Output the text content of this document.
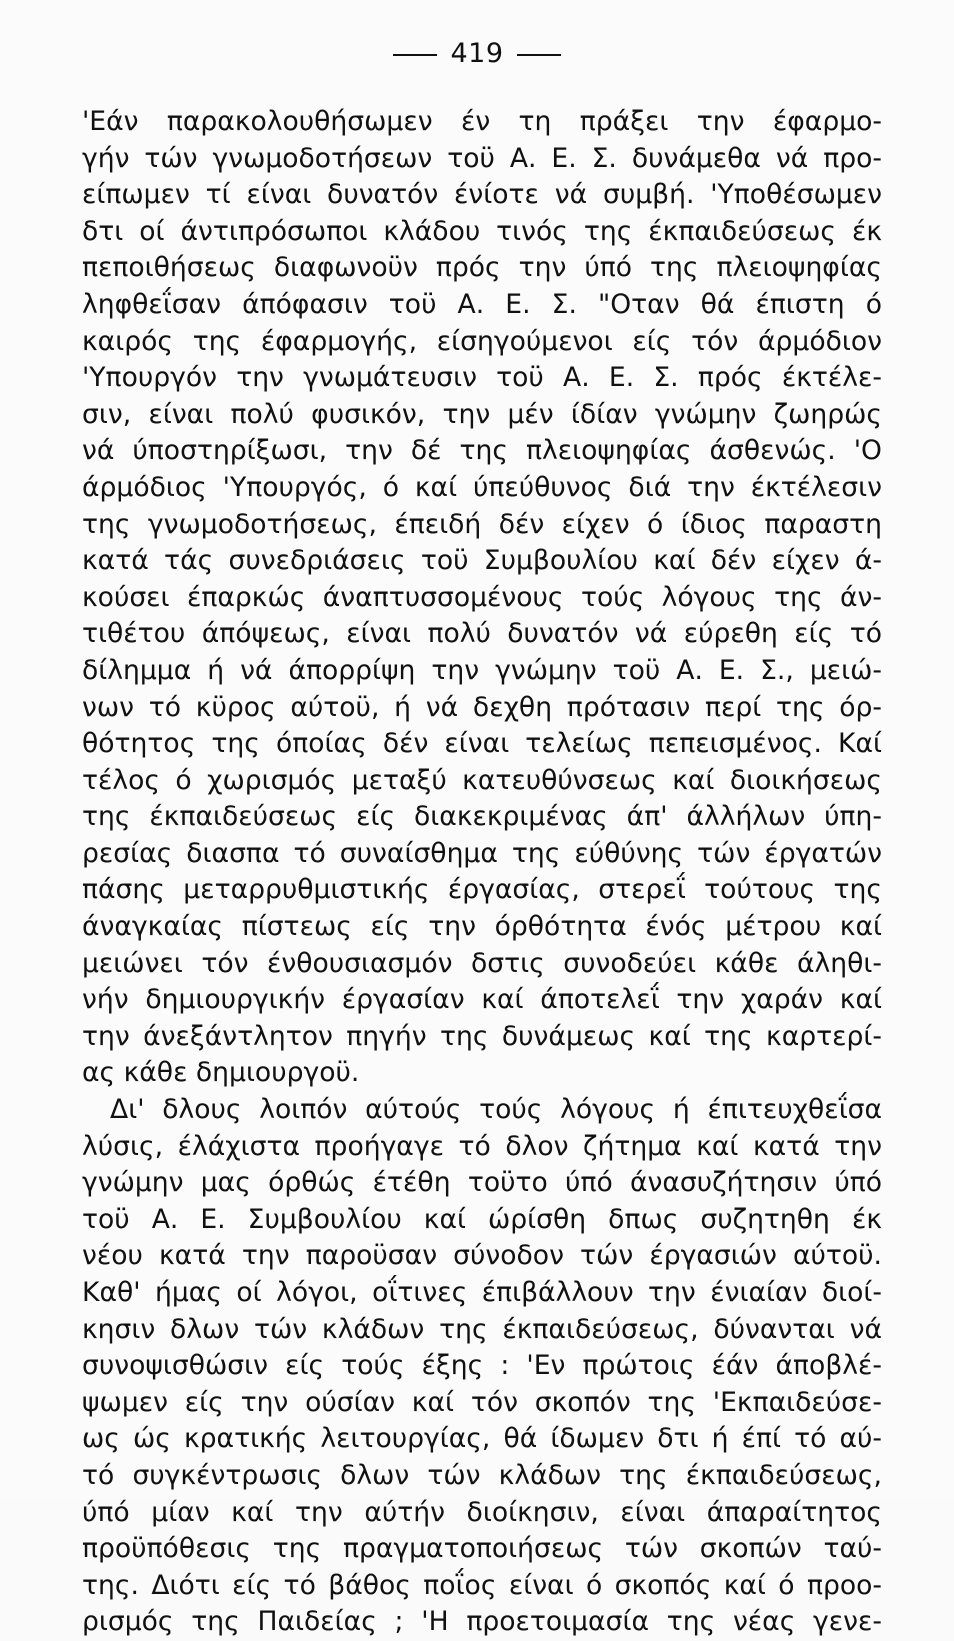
419
'Εάν παρακολουθήσωμεν έν τη πράξει την έφαρμο-
γήν τών γνωμοδοτήσεων τοϋ Α. Ε. Σ. δυνάμεθα νά προ-
είπωμεν τί είναι δυνατόν ένίοτε νά συμβή. 'Υποθέσωμεν
δτι οί άντιπρόσωποι κλάδου τινός της έκπαιδεύσεως έκ
πεποιθήσεως διαφωνοϋν πρός την ύπό της πλειοψηφίας
ληφθεΐσαν άπόφασιν τοϋ Α. Ε. Σ. "Οταν θά έπιστη ό
καιρός της έφαρμογής, είσηγούμενοι είς τόν άρμόδιον
'Υπουργόν την γνωμάτευσιν τοϋ Α. Ε. Σ. πρός έκτέλε-
σιν, είναι πολύ φυσικόν, την μέν ίδίαν γνώμην ζωηρώς
νά ύποστηρίξωσι, την δέ της πλειοψηφίας άσθενώς. 'Ο
άρμόδιος 'Υπουργός, ό καί ύπεύθυνος διά την έκτέλεσιν
της γνωμοδοτήσεως, έπειδή δέν είχεν ό ίδιος παραστη
κατά τάς συνεδριάσεις τοϋ Συμβουλίου καί δέν είχεν ά-
κούσει έπαρκώς άναπτυσσομένους τούς λόγους της άν-
τιθέτου άπόψεως, είναι πολύ δυνατόν νά εύρεθη είς τό
δίλημμα ή νά άπορρίψη την γνώμην τοϋ Α. Ε. Σ., μειώ-
νων τό κϋρος αύτοϋ, ή νά δεχθη πρότασιν περί της όρ-
θότητος της όποίας δέν είναι τελείως πεπεισμένος. Καί
τέλος ό χωρισμός μεταξύ κατευθύνσεως καί διοικήσεως
της έκπαιδεύσεως είς διακεκριμένας άπ' άλλήλων ύπη-
ρεσίας διασπα τό συναίσθημα της εύθύνης τών έργατών
πάσης μεταρρυθμιστικής έργασίας, στερεΐ τούτους της
άναγκαίας πίστεως είς την όρθότητα ένός μέτρου καί
μειώνει τόν ένθουσιασμόν δστις συνοδεύει κάθε άληθι-
νήν δημιουργικήν έργασίαν καί άποτελεΐ την χαράν καί
την άνεξάντλητον πηγήν της δυνάμεως καί της καρτερί-
ας κάθε δημιουργοϋ.
Δι' δλους λοιπόν αύτούς τούς λόγους ή έπιτευχθεΐσα
λύσις, έλάχιστα προήγαγε τό δλον ζήτημα καί κατά την
γνώμην μας όρθώς έτέθη τοϋτο ύπό άνασυζήτησιν ύπό
τοϋ Α. Ε. Συμβουλίου καί ώρίσθη δπως συζητηθη έκ
νέου κατά την παροϋσαν σύνοδον τών έργασιών αύτοϋ.
Καθ' ήμας οί λόγοι, οΐτινες έπιβάλλουν την ένιαίαν διοί-
κησιν δλων τών κλάδων της έκπαιδεύσεως, δύνανται νά
συνοψισθώσιν είς τούς έξης : 'Εν πρώτοις έάν άποβλέ-
ψωμεν είς την ούσίαν καί τόν σκοπόν της 'Εκπαιδεύσε-
ως ώς κρατικής λειτουργίας, θά ίδωμεν δτι ή έπί τό αύ-
τό συγκέντρωσις δλων τών κλάδων της έκπαιδεύσεως,
ύπό μίαν καί την αύτήν διοίκησιν, είναι άπαραίτητος
προϋπόθεσις της πραγματοποιήσεως τών σκοπών ταύ-
της. Διότι είς τό βάθος ποΐος είναι ό σκοπός καί ό προο-
ρισμός της Παιδείας ; 'Η προετοιμασία της νέας γενε-
